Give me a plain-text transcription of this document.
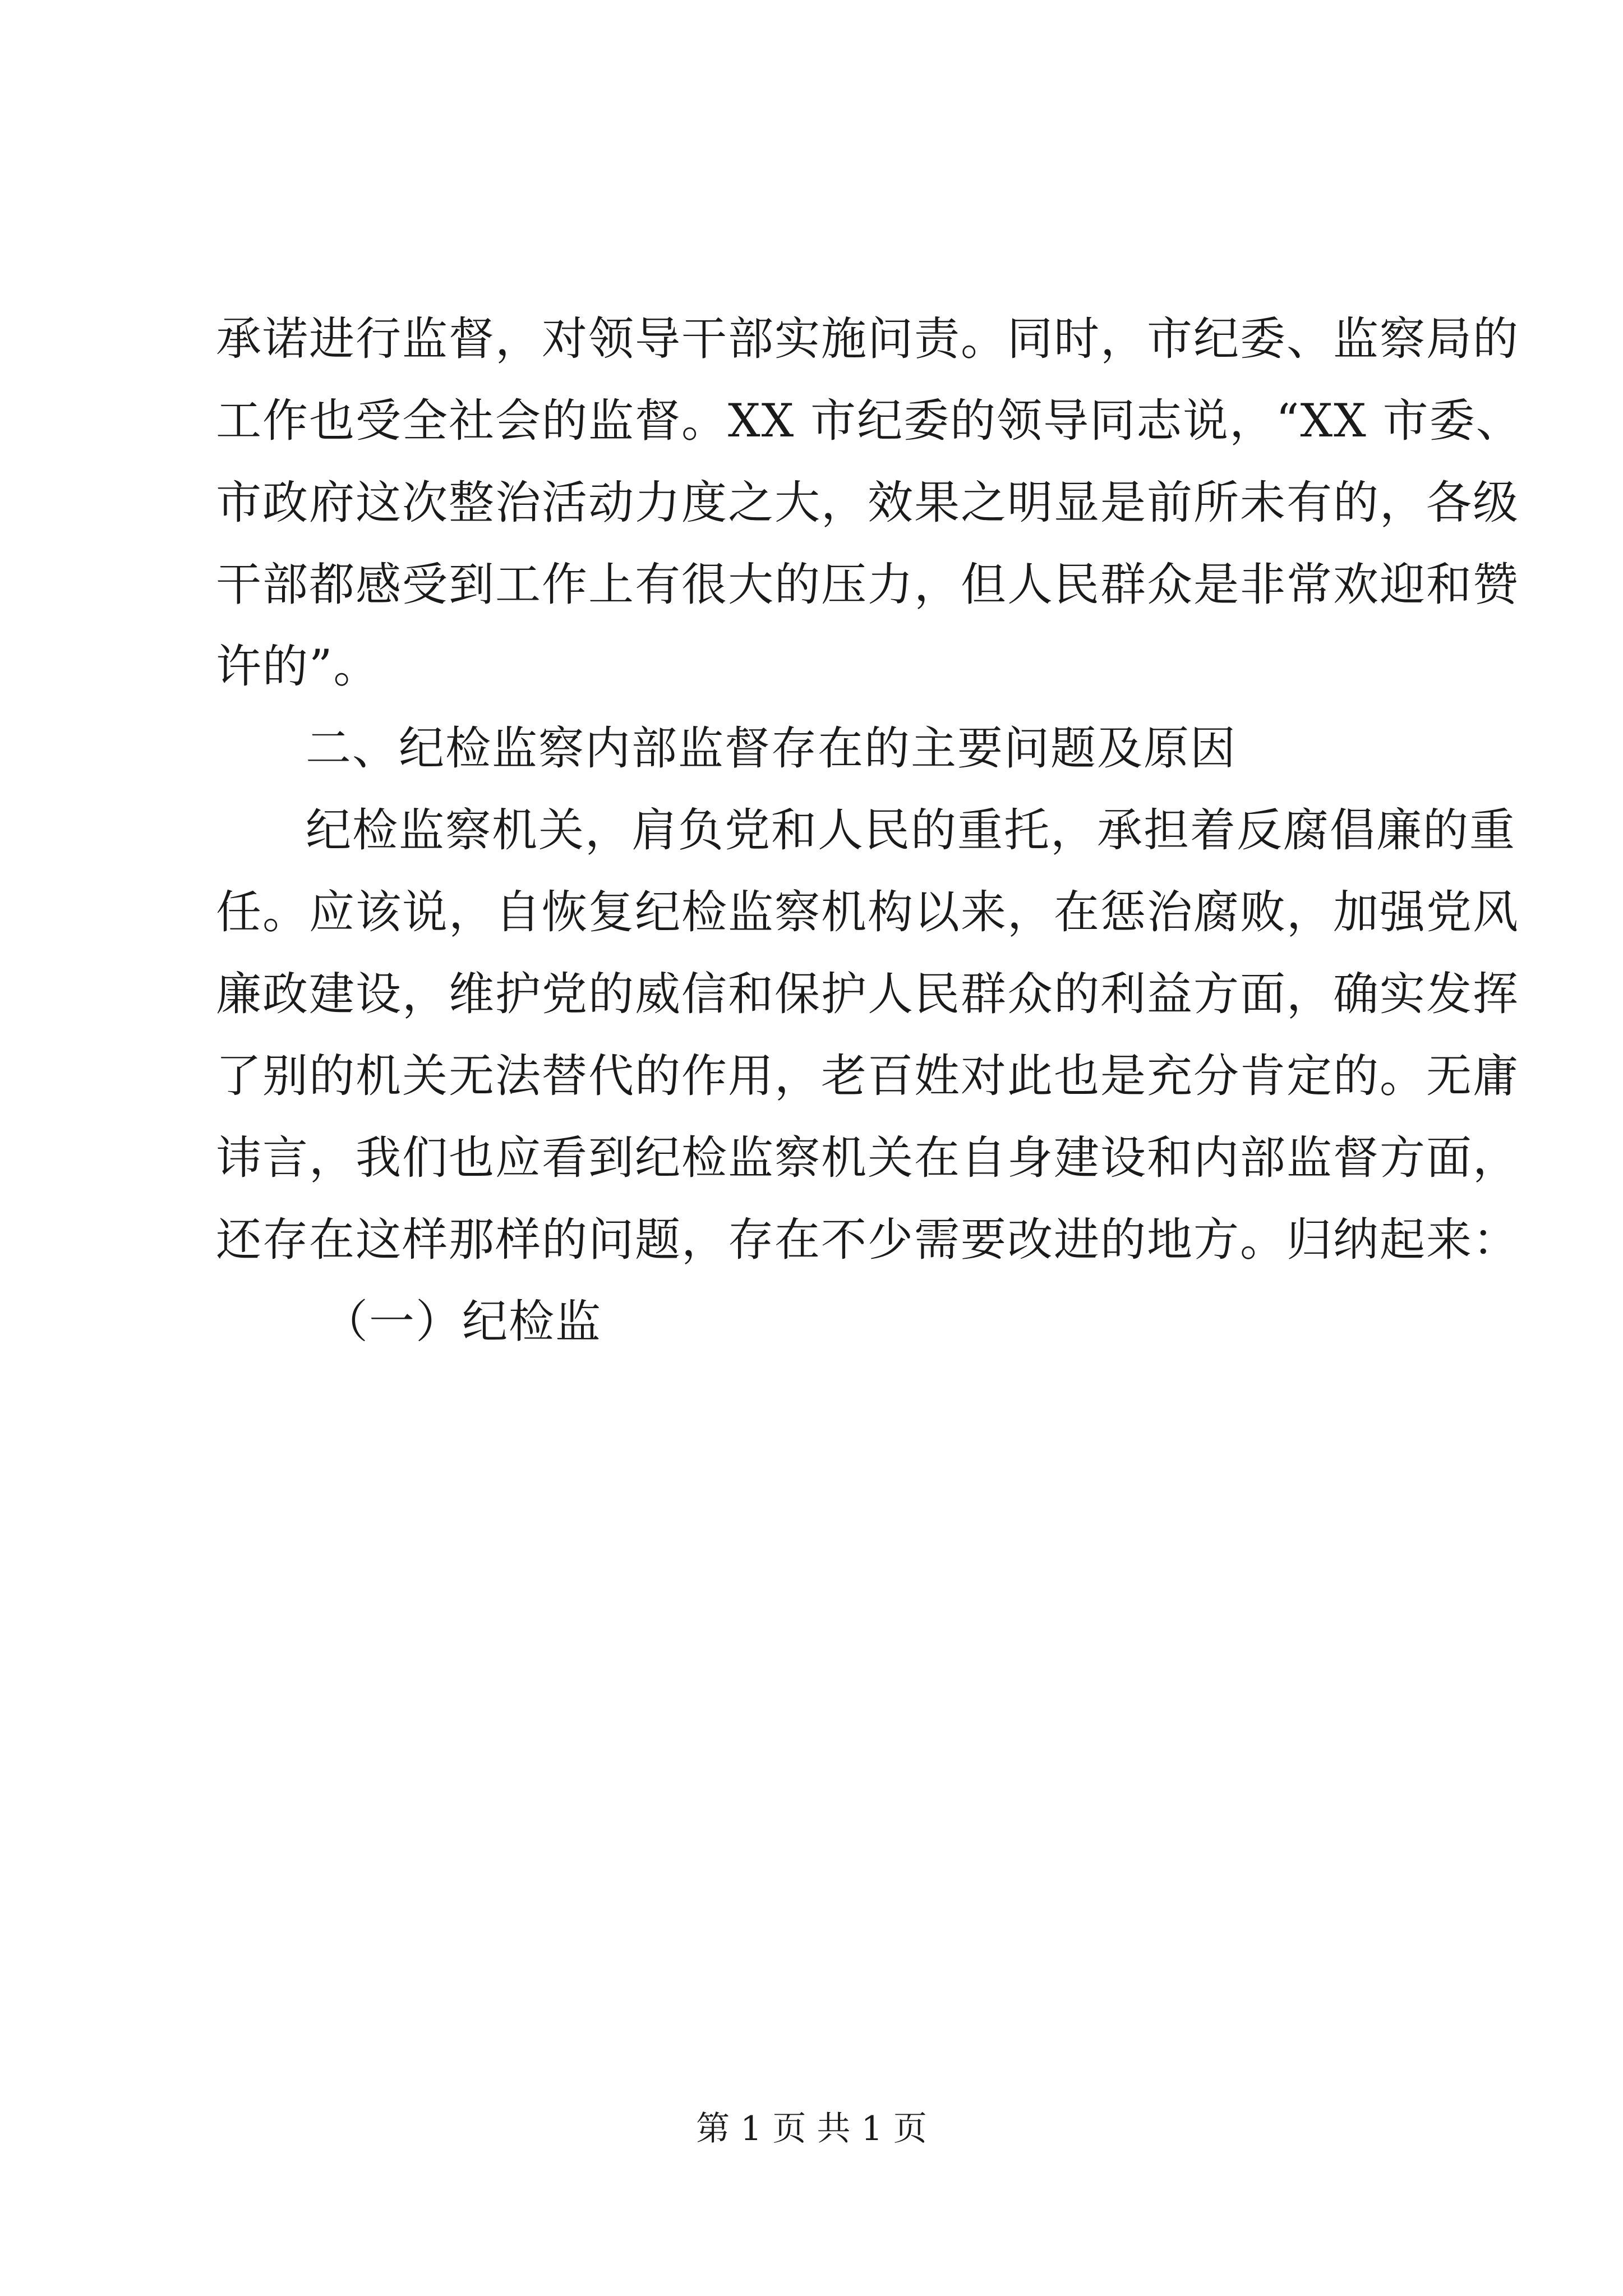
承诺进行监督，对领导干部实施问责。同时，市纪委、监察局的
工作也受全社会的监督。XX 市纪委的领导同志说，“XX 市委、
市政府这次整治活动力度之大，效果之明显是前所未有的，各级
干部都感受到工作上有很大的压力，但人民群众是非常欢迎和赞
许的”。
二、纪检监察内部监督存在的主要问题及原因
纪检监察机关，肩负党和人民的重托，承担着反腐倡廉的重
任。应该说，自恢复纪检监察机构以来，在惩治腐败，加强党风
廉政建设，维护党的威信和保护人民群众的利益方面，确实发挥
了别的机关无法替代的作用，老百姓对此也是充分肯定的。无庸
讳言，我们也应看到纪检监察机关在自身建设和内部监督方面，
还存在这样那样的问题，存在不少需要改进的地方。归纳起来：
（一）纪检监
第 1 页 共 1 页
